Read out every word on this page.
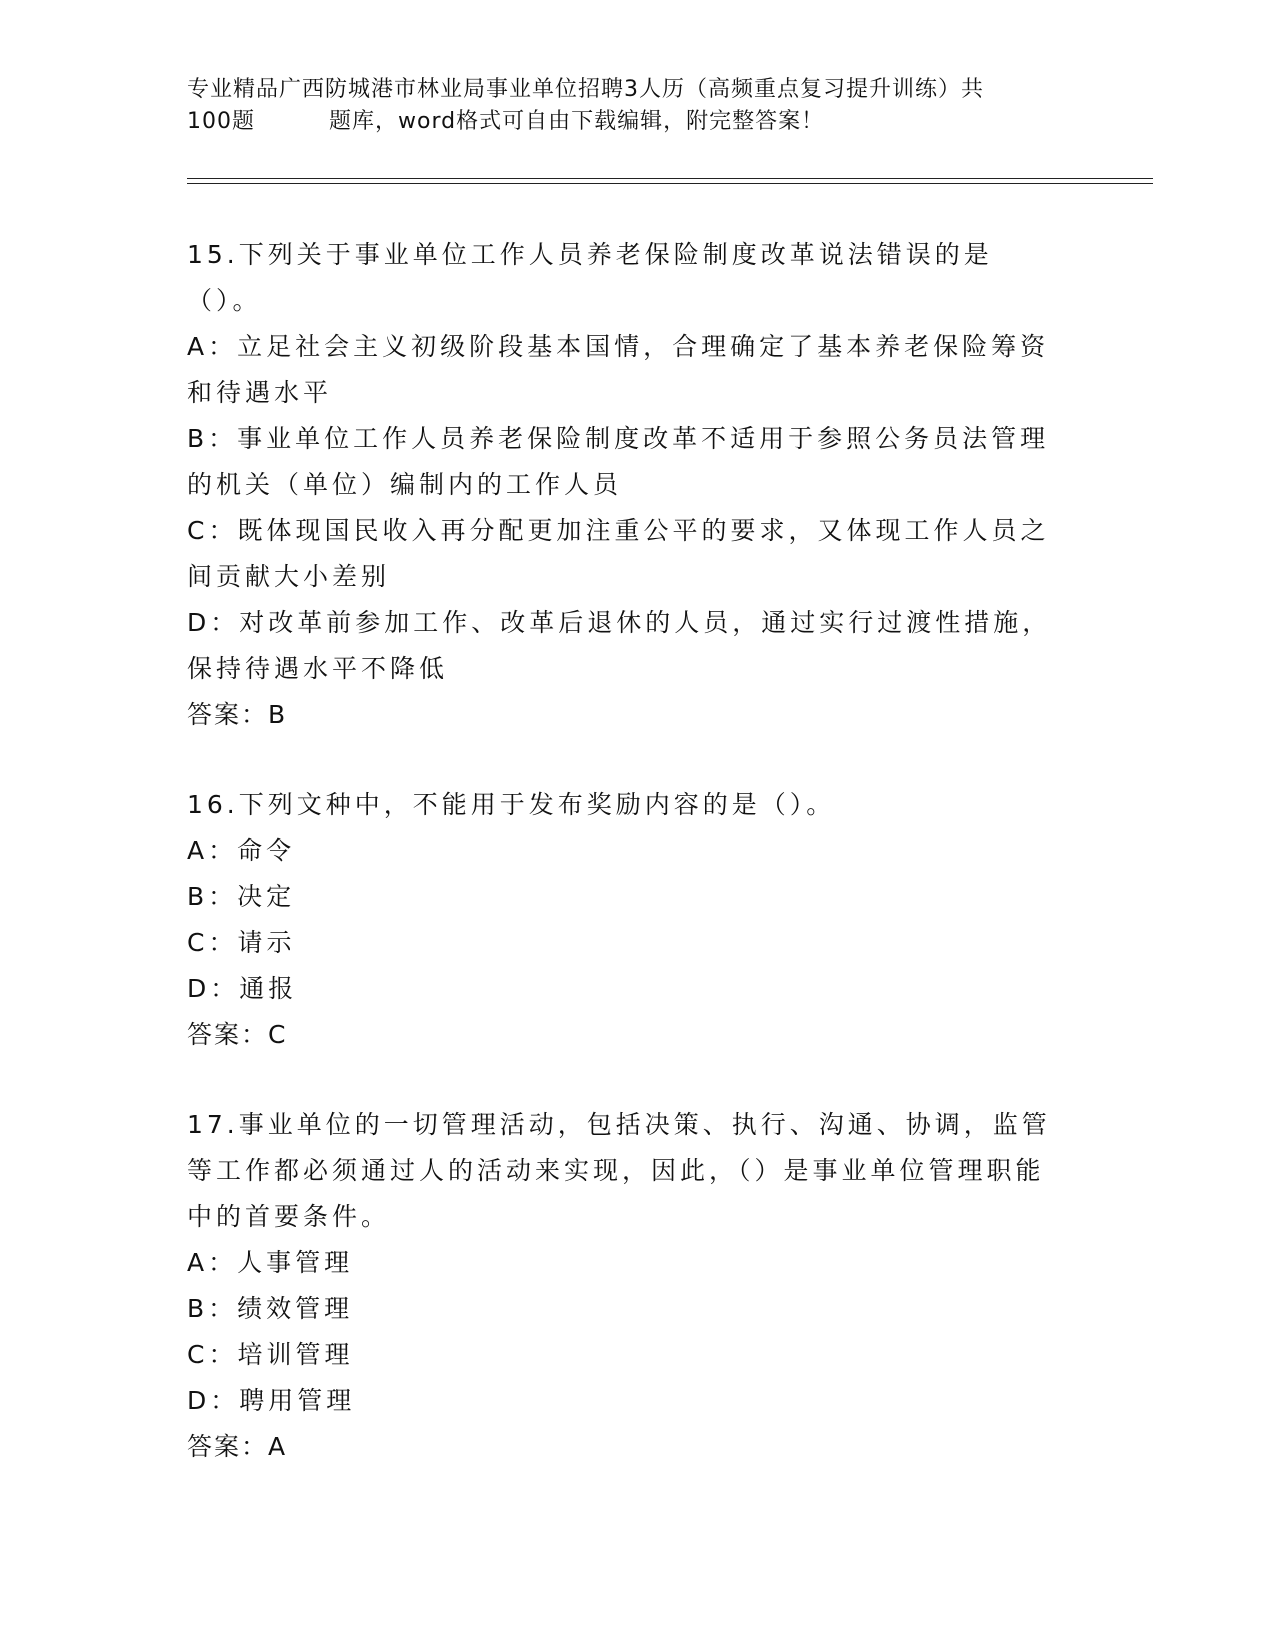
专业精品广西防城港市林业局事业单位招聘3人历（高频重点复习提升训练）共
100题	题库，word格式可自由下载编辑，附完整答案！
15.下列关于事业单位工作人员养老保险制度改革说法错误的是（）。
A：立足社会主义初级阶段基本国情，合理确定了基本养老保险筹资和待遇水平
B：事业单位工作人员养老保险制度改革不适用于参照公务员法管理的机关（单位）编制内的工作人员
C：既体现国民收入再分配更加注重公平的要求，又体现工作人员之间贡献大小差别
D：对改革前参加工作、改革后退休的人员，通过实行过渡性措施，保持待遇水平不降低
答案：B
16.下列文种中，不能用于发布奖励内容的是（）。
A：命令
B：决定
C：请示
D：通报
答案：C
17.事业单位的一切管理活动，包括决策、执行、沟通、协调，监管等工作都必须通过人的活动来实现，因此，（）是事业单位管理职能中的首要条件。
A：人事管理
B：绩效管理
C：培训管理
D：聘用管理
答案：A
